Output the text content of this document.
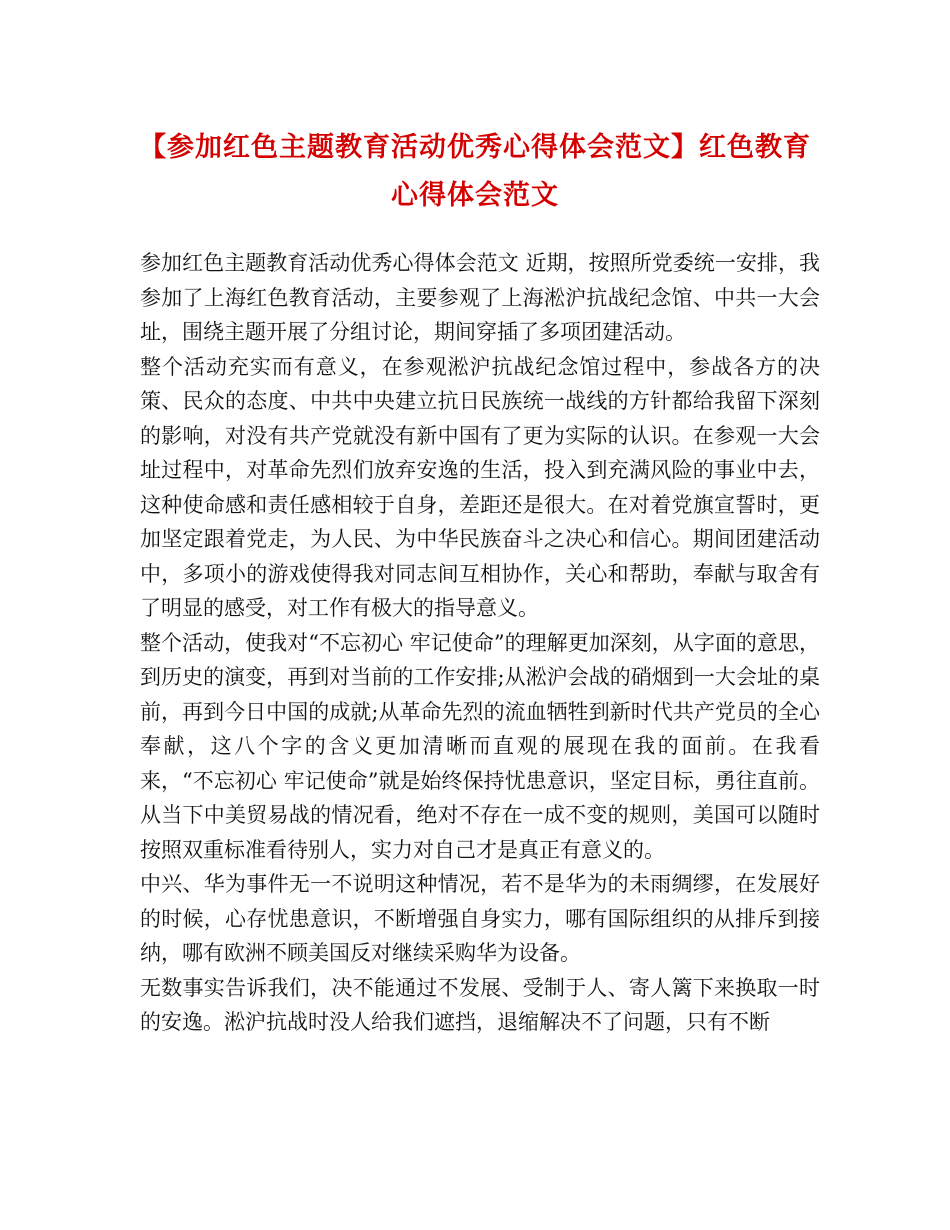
【参加红色主题教育活动优秀心得体会范文】红色教育
心得体会范文

参加红色主题教育活动优秀心得体会范文 近期，按照所党委统一安排，我参加了上海红色教育活动，主要参观了上海淞沪抗战纪念馆、中共一大会址，围绕主题开展了分组讨论，期间穿插了多项团建活动。

整个活动充实而有意义，在参观淞沪抗战纪念馆过程中，参战各方的决策、民众的态度、中共中央建立抗日民族统一战线的方针都给我留下深刻的影响，对没有共产党就没有新中国有了更为实际的认识。在参观一大会址过程中，对革命先烈们放弃安逸的生活，投入到充满风险的事业中去，这种使命感和责任感相较于自身，差距还是很大。在对着党旗宣誓时，更加坚定跟着党走，为人民、为中华民族奋斗之决心和信心。期间团建活动中，多项小的游戏使得我对同志间互相协作，关心和帮助，奉献与取舍有了明显的感受，对工作有极大的指导意义。

整个活动，使我对“不忘初心 牢记使命”的理解更加深刻，从字面的意思，到历史的演变，再到对当前的工作安排;从淞沪会战的硝烟到一大会址的桌前，再到今日中国的成就;从革命先烈的流血牺牲到新时代共产党员的全心奉献，这八个字的含义更加清晰而直观的展现在我的面前。在我看来，“不忘初心 牢记使命”就是始终保持忧患意识，坚定目标，勇往直前。从当下中美贸易战的情况看，绝对不存在一成不变的规则，美国可以随时按照双重标准看待别人，实力对自己才是真正有意义的。

中兴、华为事件无一不说明这种情况，若不是华为的未雨绸缪，在发展好的时候，心存忧患意识，不断增强自身实力，哪有国际组织的从排斥到接纳，哪有欧洲不顾美国反对继续采购华为设备。

无数事实告诉我们，决不能通过不发展、受制于人、寄人篱下来换取一时的安逸。淞沪抗战时没人给我们遮挡，退缩解决不了问题，只有不断
